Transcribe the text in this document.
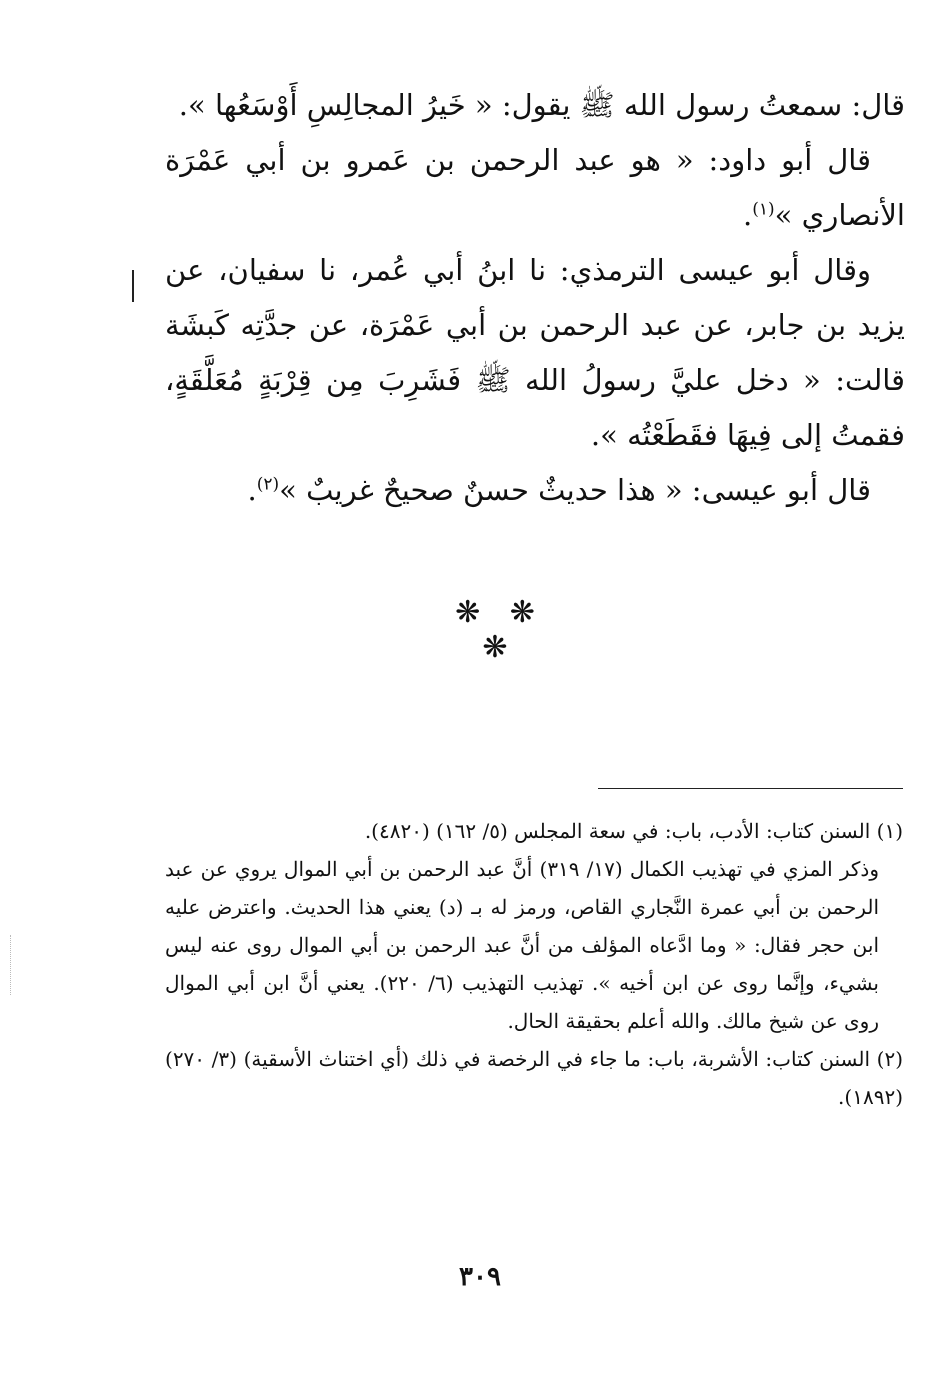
قال: سمعتُ رسول الله ﷺ يقول: « خَيرُ المجالِسِ أَوْسَعُها ».

قال أبو داود: « هو عبد الرحمن بن عَمرو بن أبي عَمْرَة الأنصاري »$^{(١)}$.

وقال أبو عيسى الترمذي: نا ابنُ أبي عُمر، نا سفيان، عن يزيد بن جابر، عن عبد الرحمن بن أبي عَمْرَة، عن جدَّتِه كَبشَة قالت: « دخل عليَّ رسولُ الله ﷺ فَشَرِبَ مِن قِرْبَةٍ مُعَلَّقَةٍ، فقمتُ إلى فِيهَا فقَطَعْتُه ».

قال أبو عيسى: « هذا حديثٌ حسنٌ صحيحٌ غريبٌ »$^{(٢)}$.

❋ ❋ ❋

(١) السنن كتاب: الأدب، باب: في سعة المجلس (٥/ ١٦٢) (٤٨٢٠).

وذكر المزي في تهذيب الكمال (١٧/ ٣١٩) أنَّ عبد الرحمن بن أبي الموال يروي عن عبد الرحمن بن أبي عمرة النَّجاري القاص، ورمز له بـ (د) يعني هذا الحديث. واعترض عليه ابن حجر فقال: « وما ادَّعاه المؤلف من أنَّ عبد الرحمن بن أبي الموال روى عنه ليس بشيء، وإنَّما روى عن ابن أخيه ». تهذيب التهذيب (٦/ ٢٢٠). يعني أنَّ ابن أبي الموال روى عن شيخ مالك. والله أعلم بحقيقة الحال.

(٢) السنن كتاب: الأشربة، باب: ما جاء في الرخصة في ذلك (أي اختناث الأسقية) (٣/ ٢٧٠) (١٨٩٢).

٣٠٩
